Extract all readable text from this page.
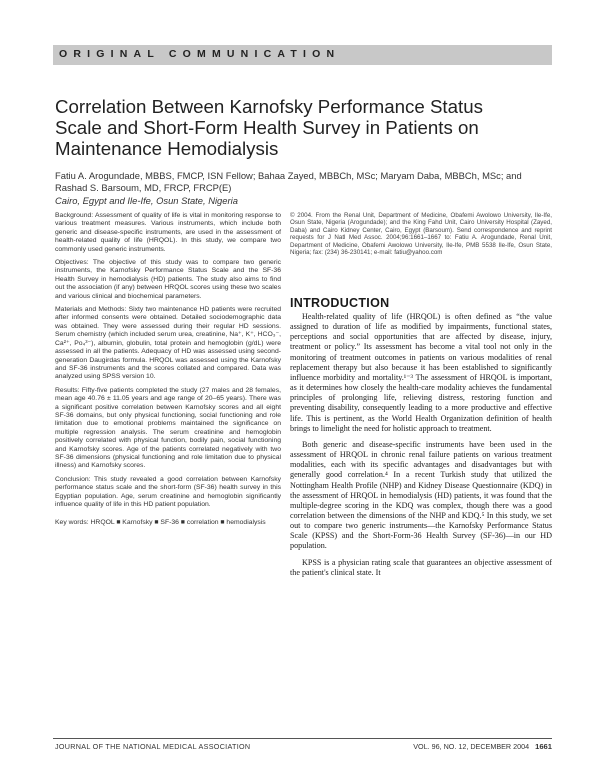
ORIGINAL COMMUNICATION
Correlation Between Karnofsky Performance Status Scale and Short-Form Health Survey in Patients on Maintenance Hemodialysis
Fatiu A. Arogundade, MBBS, FMCP, ISN Fellow; Bahaa Zayed, MBBCh, MSc; Maryam Daba, MBBCh, MSc; and Rashad S. Barsoum, MD, FRCP, FRCP(E)
Cairo, Egypt and Ile-Ife, Osun State, Nigeria

Background: Assessment of quality of life is vital in monitoring response to various treatment measures. Various instruments, which include both generic and disease-specific instruments, are used in the assessment of health-related quality of life (HRQOL). In this study, we compare two commonly used generic instruments.

Objectives: The objective of this study was to compare two generic instruments, the Karnofsky Performance Status Scale and the SF-36 Health Survey in hemodialysis (HD) patients. The study also aims to find out the association (if any) between HRQOL scores using these two scales and various clinical and biochemical parameters.

Materials and Methods: Sixty two maintenance HD patients were recruited after informed consents were obtained. Detailed sociodemographic data was obtained. They were assessed during their regular HD sessions. Serum chemistry (which included serum urea, creatinine, Na⁺, K⁺, HCO₃⁻, Ca²⁺, Po₄³⁻), albumin, globulin, total protein and hemoglobin (g/dL) were assessed in all the patients. Adequacy of HD was assessed using second-generation Daugirdas formula. HRQOL was assessed using the Karnofsky and SF-36 instruments and the scores collated and compared. Data was analyzed using SPSS version 10.

Results: Fifty-five patients completed the study (27 males and 28 females, mean age 40.76 ± 11.05 years and age range of 20–65 years). There was a significant positive correlation between Karnofsky scores and all eight SF-36 domains, but only physical functioning, social functioning and role limitation due to emotional problems maintained the significance on multiple regression analysis. The serum creatinine and hemoglobin positively correlated with physical function, bodily pain, social functioning and Karnofsky scores. Age of the patients correlated negatively with two SF-36 dimensions (physical functioning and role limitation due to physical illness) and Karnofsky scores.

Conclusion: This study revealed a good correlation between Karnofsky performance status scale and the short-form (SF-36) health survey in this Egyptian population. Age, serum creatinine and hemoglobin significantly influence quality of life in this HD patient population.

Key words: HRQOL ■ Karnofsky ■ SF-36 ■ correlation ■ hemodialysis

© 2004. From the Renal Unit, Department of Medicine, Obafemi Awolowo University, Ile-Ife, Osun State, Nigeria (Arogundade); and the King Fahd Unit, Cairo University Hospital (Zayed, Daba) and Cairo Kidney Center, Cairo, Egypt (Barsoum). Send correspondence and reprint requests for J Natl Med Assoc. 2004;96:1661–1667 to: Fatiu A. Arogundade, Renal Unit, Department of Medicine, Obafemi Awolowo University, Ile-Ife, PMB 5538 Ile-Ife, Osun State, Nigeria; fax: (234) 36-230141; e-mail: fatiu@yahoo.com

INTRODUCTION

Health-related quality of life (HRQOL) is often defined as “the value assigned to duration of life as modified by impairments, functional states, perceptions and social opportunities that are affected by disease, injury, treatment or policy.” Its assessment has become a vital tool not only in the monitoring of treatment outcomes in patients on various modalities of renal replacement therapy but also because it has been established to significantly influence morbidity and mortality.¹⁻³ The assessment of HRQOL is important, as it determines how closely the health-care modality achieves the fundamental principles of prolonging life, relieving distress, restoring function and preventing disability, consequently leading to a more productive and effective life. This is pertinent, as the World Health Organization definition of health brings to limelight the need for holistic approach to treatment.

Both generic and disease-specific instruments have been used in the assessment of HRQOL in chronic renal failure patients on various treatment modalities, each with its specific advantages and disadvantages but with generally good correlation.⁴ In a recent Turkish study that utilized the Nottingham Health Profile (NHP) and Kidney Disease Questionnaire (KDQ) in the assessment of HRQOL in hemodialysis (HD) patients, it was found that the multiple-degree scoring in the KDQ was complex, though there was a good correlation between the dimensions of the NHP and KDQ.⁵ In this study, we set out to compare two generic instruments—the Karnofsky Performance Status Scale (KPSS) and the Short-Form-36 Health Survey (SF-36)—in our HD population.

KPSS is a physician rating scale that guarantees an objective assessment of the patient's clinical state. It

JOURNAL OF THE NATIONAL MEDICAL ASSOCIATION	VOL. 96, NO. 12, DECEMBER 2004 1661
